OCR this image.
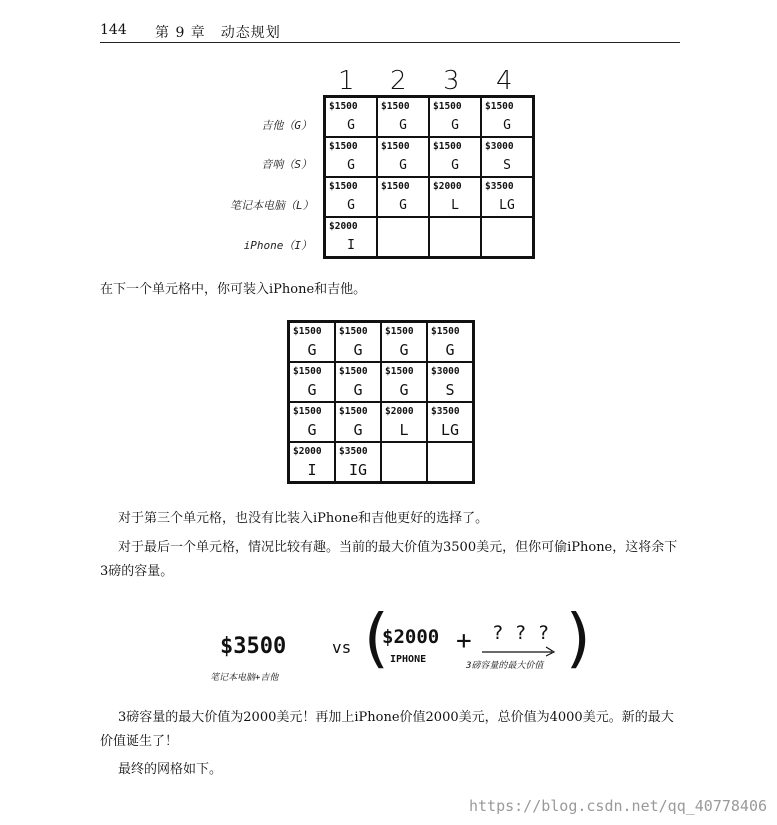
144 第 9 章　动态规划
1 2 3 4
吉他（G）
音响（S）
笔记本电脑（L）
iPhone（I）
$1500
G
$1500
G
$1500
G
$1500
G
$1500
G
$1500
G
$1500
G
$3000
S
$1500
G
$1500
G
$2000
L
$3500
LG
$2000
I
在下一个单元格中，你可装入iPhone和吉他。
$1500
G
$1500
G
$1500
G
$1500
G
$1500
G
$1500
G
$1500
G
$3000
S
$1500
G
$1500
G
$2000
L
$3500
LG
$2000
I
$3500
IG
对于第三个单元格，也没有比装入iPhone和吉他更好的选择了。
对于最后一个单元格，情况比较有趣。当前的最大价值为3500美元，但你可偷iPhone，这将余下3磅的容量。
$3500
笔记本电脑+吉他
vs (
$2000
IPHONE
+ ? ? ?
3磅容量的最大价值 )
3磅容量的最大价值为2000美元！再加上iPhone价值2000美元，总价值为4000美元。新的最大价值诞生了！
最终的网格如下。
https://blog.csdn.net/qq_40778406
